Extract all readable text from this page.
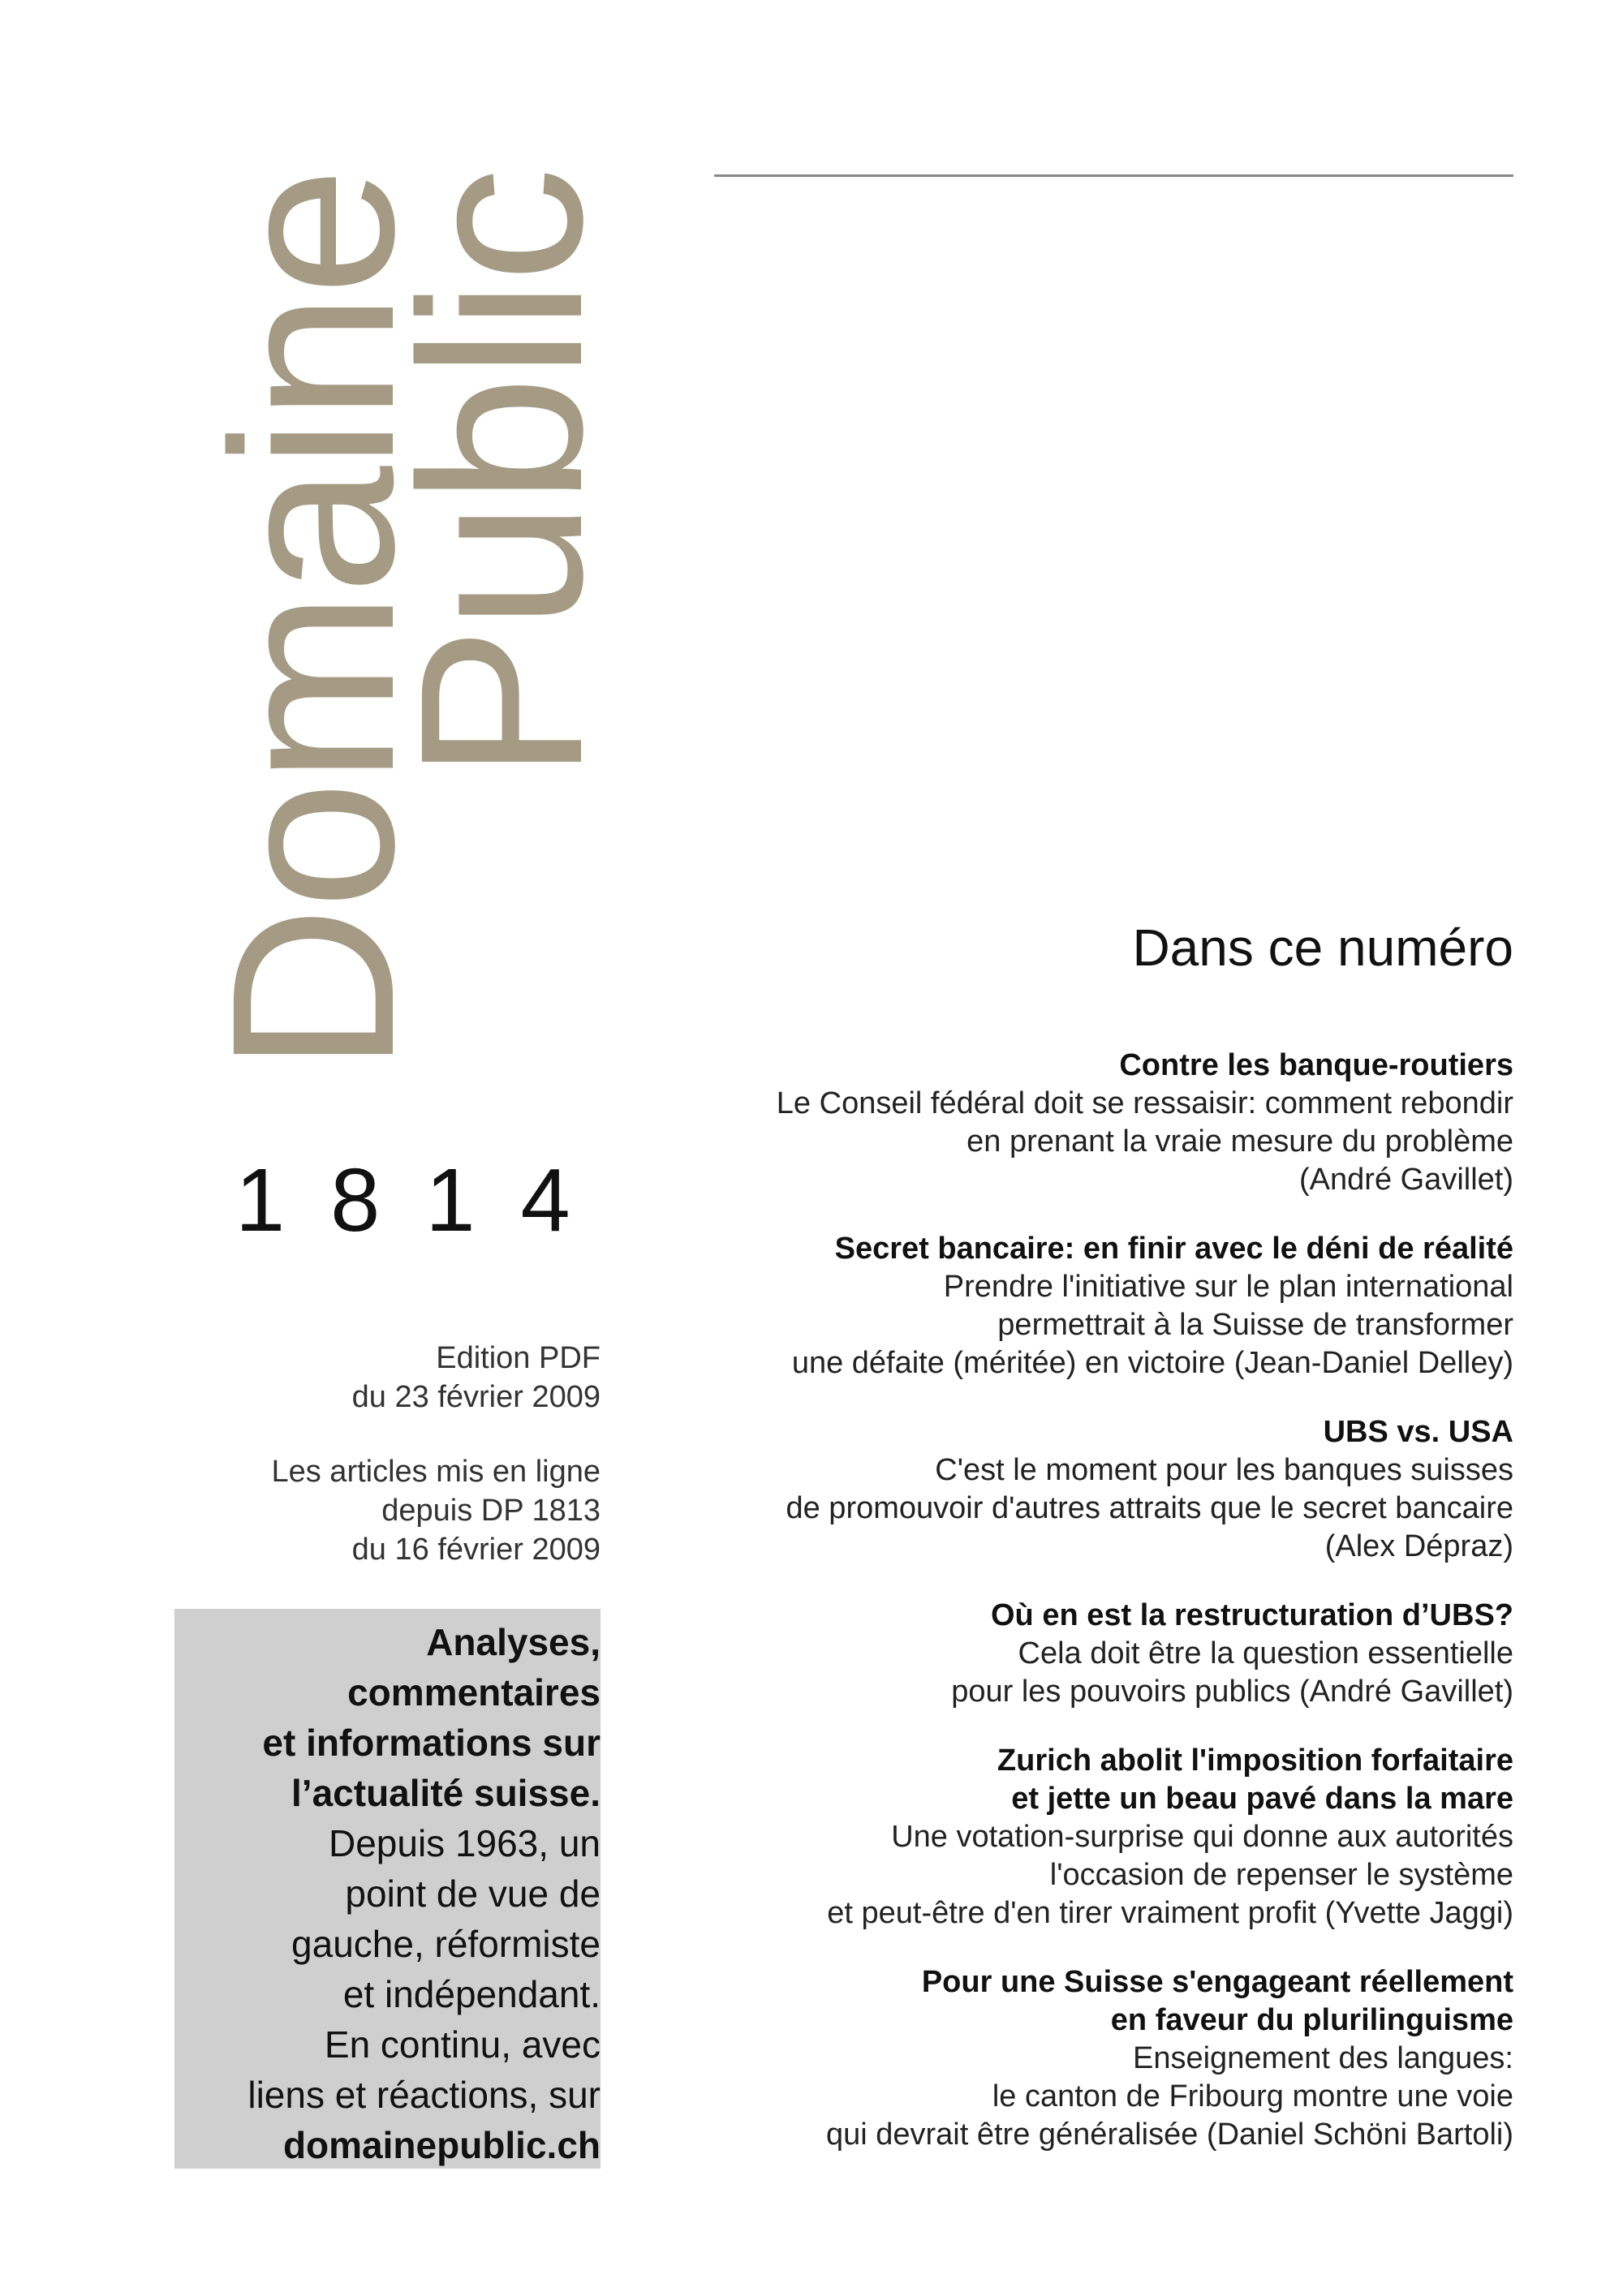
Domaine
Public
1814
Edition PDF
du 23 février 2009
Les articles mis en ligne
depuis DP 1813
du 16 février 2009
Analyses,
commentaires
et informations sur
l’actualité suisse.
Depuis 1963, un
point de vue de
gauche, réformiste
et indépendant.
En continu, avec
liens et réactions, sur
domainepublic.ch
Dans ce numéro
Contre les banque-routiers
Le Conseil fédéral doit se ressaisir: comment rebondir
en prenant la vraie mesure du problème
(André Gavillet)
Secret bancaire: en finir avec le déni de réalité
Prendre l'initiative sur le plan international
permettrait à la Suisse de transformer
une défaite (méritée) en victoire (Jean-Daniel Delley)
UBS vs. USA
C'est le moment pour les banques suisses
de promouvoir d'autres attraits que le secret bancaire
(Alex Dépraz)
Où en est la restructuration d’UBS?
Cela doit être la question essentielle
pour les pouvoirs publics (André Gavillet)
Zurich abolit l'imposition forfaitaire
et jette un beau pavé dans la mare
Une votation-surprise qui donne aux autorités
l'occasion de repenser le système
et peut-être d'en tirer vraiment profit (Yvette Jaggi)
Pour une Suisse s'engageant réellement
en faveur du plurilinguisme
Enseignement des langues:
le canton de Fribourg montre une voie
qui devrait être généralisée (Daniel Schöni Bartoli)
